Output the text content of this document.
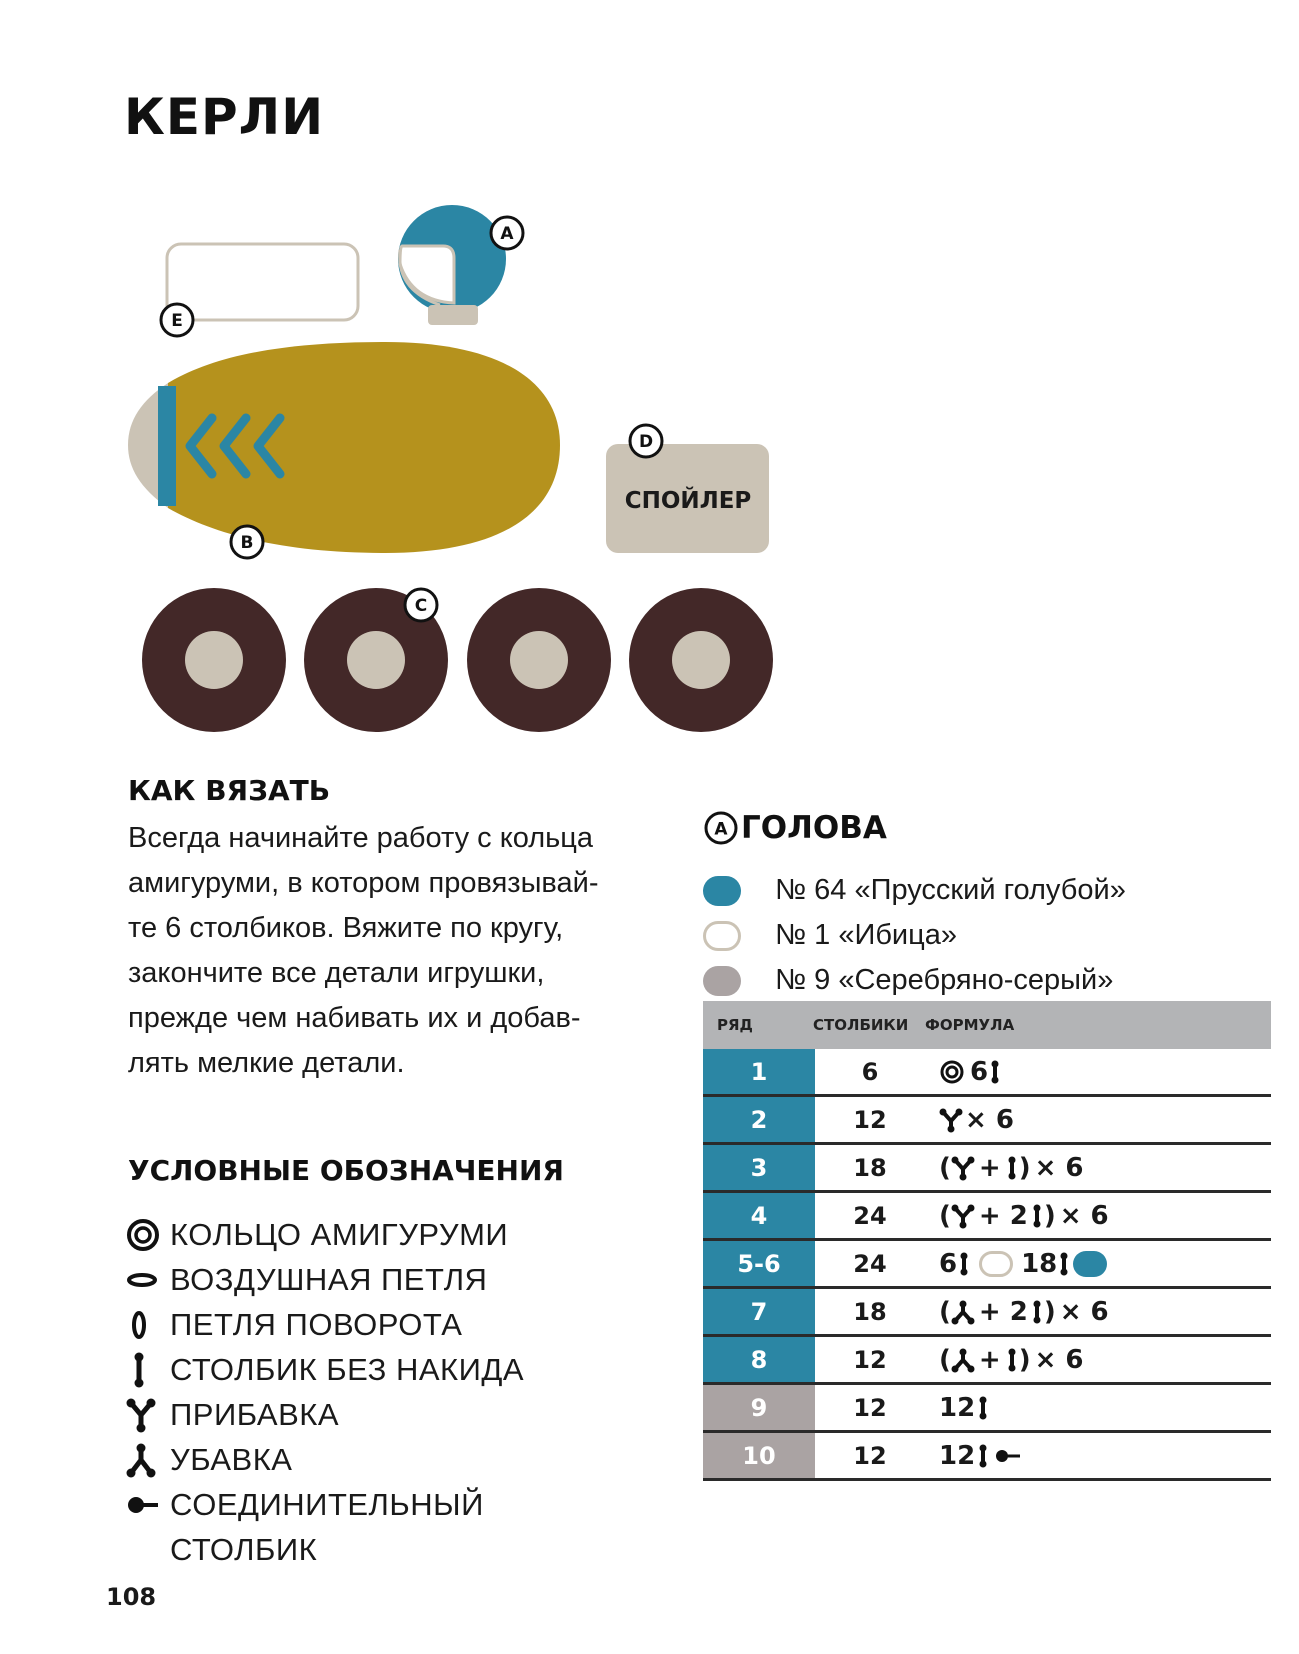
КЕРЛИ
СПОЙЛЕР
A
E
D
B
C
КАК ВЯЗАТЬ
Всегда начинайте работу с кольца
амигуруми, в котором провязывай-
те 6 столбиков. Вяжите по кругу,
закончите все детали игрушки,
прежде чем набивать их и добав-
лять мелкие детали.
УСЛОВНЫЕ ОБОЗНАЧЕНИЯ
КОЛЬЦО АМИГУРУМИ
ВОЗДУШНАЯ ПЕТЛЯ
ПЕТЛЯ ПОВОРОТА
СТОЛБИК БЕЗ НАКИДА
ПРИБАВКА
УБАВКА
СОЕДИНИТЕЛЬНЫЙ
СТОЛБИК
A ГОЛОВА
№ 64 «Прусский голубой»
№ 1 «Ибица»
№ 9 «Серебряно-серый»
РЯД	СТОЛБИКИ	ФОРМУЛА
1	6	6
2	12	× 6
3	18	( + ) × 6
4	24	( + 2 ) × 6
5-6	24	6 18
7	18	( + 2 ) × 6
8	12	( + ) × 6
9	12	12
10	12	12
108
